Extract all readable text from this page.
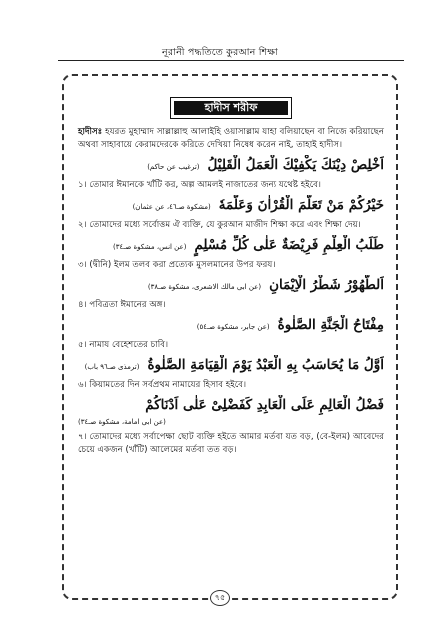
নূরানী পদ্ধতিতে কুরআন শিক্ষা
হাদীস শরীফ

হাদীসঃ হযরত মুহাম্মাদ সাল্লাল্লাহু আলাইহি ওয়াসাল্লাম যাহা বলিয়াছেন বা নিজে করিয়াছেন অথবা সাহাবায়ে কেরামদেরকে করিতে দেখিয়া নিষেধ করেন নাই, তাহাই হাদীস।

اَخْلِصْ دِيْنَكَ يَكْفِيْكَ الْعَمَلُ الْقَلِيْلُ(ترغيب عن حاكم)

১। তোমার ঈমানকে খাঁটি কর, অল্প আমলই নাজাতের জন্য যথেষ্ট হইবে।

خَيْرُكُمْ مَنْ تَعَلَّمَ الْقُرْاٰنَ وَعَلَّمَهٗ(مشكوة صـ٤٦، عن عثمان)

২। তোমাদের মধ্যে সর্বোত্তম ঐ ব্যক্তি, যে কুরআন মাজীদ শিক্ষা করে এবং শিক্ষা দেয়।

طَلَبُ الْعِلْمِ فَرِيْضَةٌ عَلٰى كُلِّ مُسْلِمٍ(عن انس، مشكوة صـ٣٤)

৩। (দ্বীনি) ইলম তলব করা প্রত্যেক মুসলমানের উপর ফরয।

اَلطُّهُوْرُ شَطْرُ الْاِيْمَانِ(عن ابى مالك الاشعرى، مشكوة صـ٣٨)

৪। পবিত্রতা ঈমানের অঙ্গ।

مِفْتَاحُ الْجَنَّةِ الصَّلٰوةُ(عن جابر، مشكوة صـ٥٤)

৫। নামায বেহেশতের চাবি।

اَوَّلُ مَا يُحَاسَبُ بِهِ الْعَبْدُ يَوْمَ الْقِيَامَةِ الصَّلٰوةُ(ترمذى صـ٩٦ باب)

৬। কিয়ামতের দিন সর্বপ্রথম নামাযের হিসাব হইবে।

فَضْلُ الْعَالِمِ عَلَى الْعَابِدِ كَفَضْلِىْ عَلٰى اَدْنَاكُمْ
(عن ابى امامة، مشكوة صـ٣٤)

৭। তোমাদের মধ্যে সর্বাপেক্ষা ছোট ব্যক্তি হইতে আমার মর্তবা যত বড়, (বে-ইলম) আবেদের চেয়ে একজন (খাঁটি) আলেমের মর্তবা তত বড়।

৭৫
